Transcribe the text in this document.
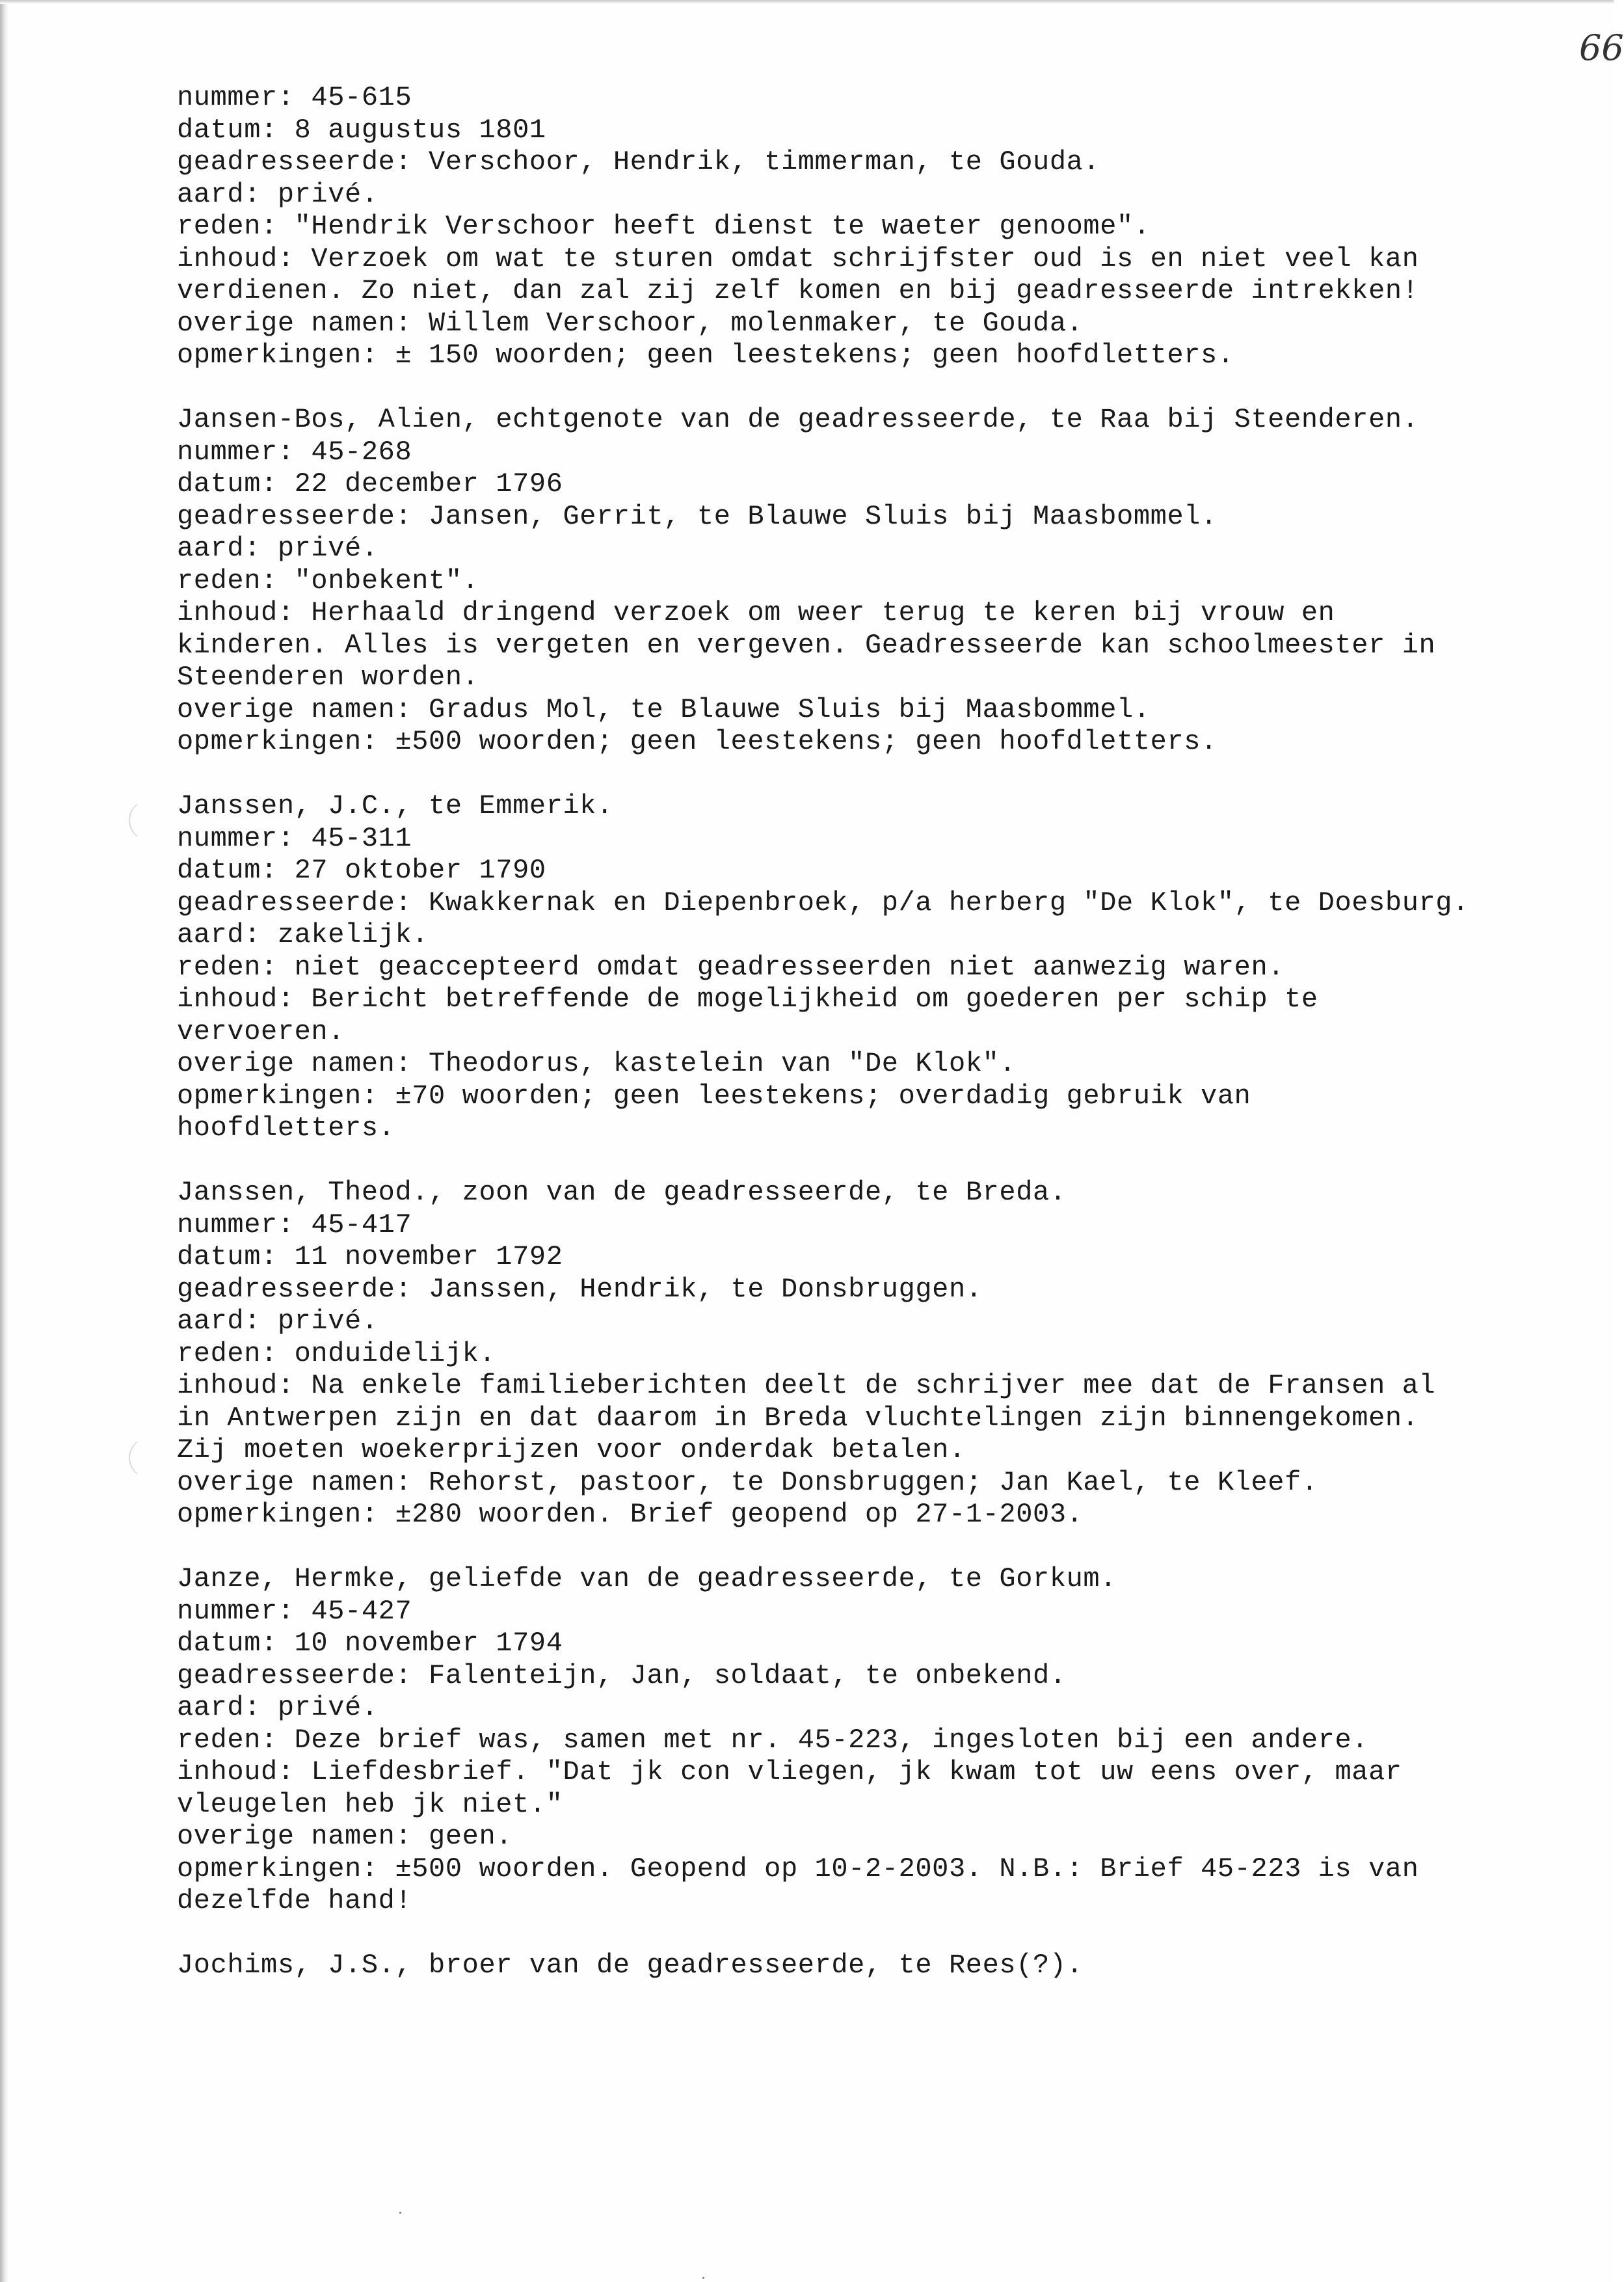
66
nummer: 45-615
datum: 8 augustus 1801
geadresseerde: Verschoor, Hendrik, timmerman, te Gouda.
aard: privé.
reden: "Hendrik Verschoor heeft dienst te waeter genoome".
inhoud: Verzoek om wat te sturen omdat schrijfster oud is en niet veel kan verdienen. Zo niet, dan zal zij zelf komen en bij geadresseerde intrekken!
overige namen: Willem Verschoor, molenmaker, te Gouda.
opmerkingen: ± 150 woorden; geen leestekens; geen hoofdletters.
Jansen-Bos, Alien, echtgenote van de geadresseerde, te Raa bij Steenderen.
nummer: 45-268
datum: 22 december 1796
geadresseerde: Jansen, Gerrit, te Blauwe Sluis bij Maasbommel.
aard: privé.
reden: "onbekent".
inhoud: Herhaald dringend verzoek om weer terug te keren bij vrouw en kinderen. Alles is vergeten en vergeven. Geadresseerde kan schoolmeester in Steenderen worden.
overige namen: Gradus Mol, te Blauwe Sluis bij Maasbommel.
opmerkingen: ±500 woorden; geen leestekens; geen hoofdletters.
Janssen, J.C., te Emmerik.
nummer: 45-311
datum: 27 oktober 1790
geadresseerde: Kwakkernak en Diepenbroek, p/a herberg "De Klok", te Doesburg.
aard: zakelijk.
reden: niet geaccepteerd omdat geadresseerden niet aanwezig waren.
inhoud: Bericht betreffende de mogelijkheid om goederen per schip te vervoeren.
overige namen: Theodorus, kastelein van "De Klok".
opmerkingen: ±70 woorden; geen leestekens; overdadig gebruik van hoofdletters.
Janssen, Theod., zoon van de geadresseerde, te Breda.
nummer: 45-417
datum: 11 november 1792
geadresseerde: Janssen, Hendrik, te Donsbruggen.
aard: privé.
reden: onduidelijk.
inhoud: Na enkele familieberichten deelt de schrijver mee dat de Fransen al in Antwerpen zijn en dat daarom in Breda vluchtelingen zijn binnengekomen. Zij moeten woekerprijzen voor onderdak betalen.
overige namen: Rehorst, pastoor, te Donsbruggen; Jan Kael, te Kleef.
opmerkingen: ±280 woorden. Brief geopend op 27-1-2003.
Janze, Hermke, geliefde van de geadresseerde, te Gorkum.
nummer: 45-427
datum: 10 november 1794
geadresseerde: Falenteijn, Jan, soldaat, te onbekend.
aard: privé.
reden: Deze brief was, samen met nr. 45-223, ingesloten bij een andere.
inhoud: Liefdesbrief. "Dat jk con vliegen, jk kwam tot uw eens over, maar vleugelen heb jk niet."
overige namen: geen.
opmerkingen: ±500 woorden. Geopend op 10-2-2003. N.B.: Brief 45-223 is van dezelfde hand!
Jochims, J.S., broer van de geadresseerde, te Rees(?).
